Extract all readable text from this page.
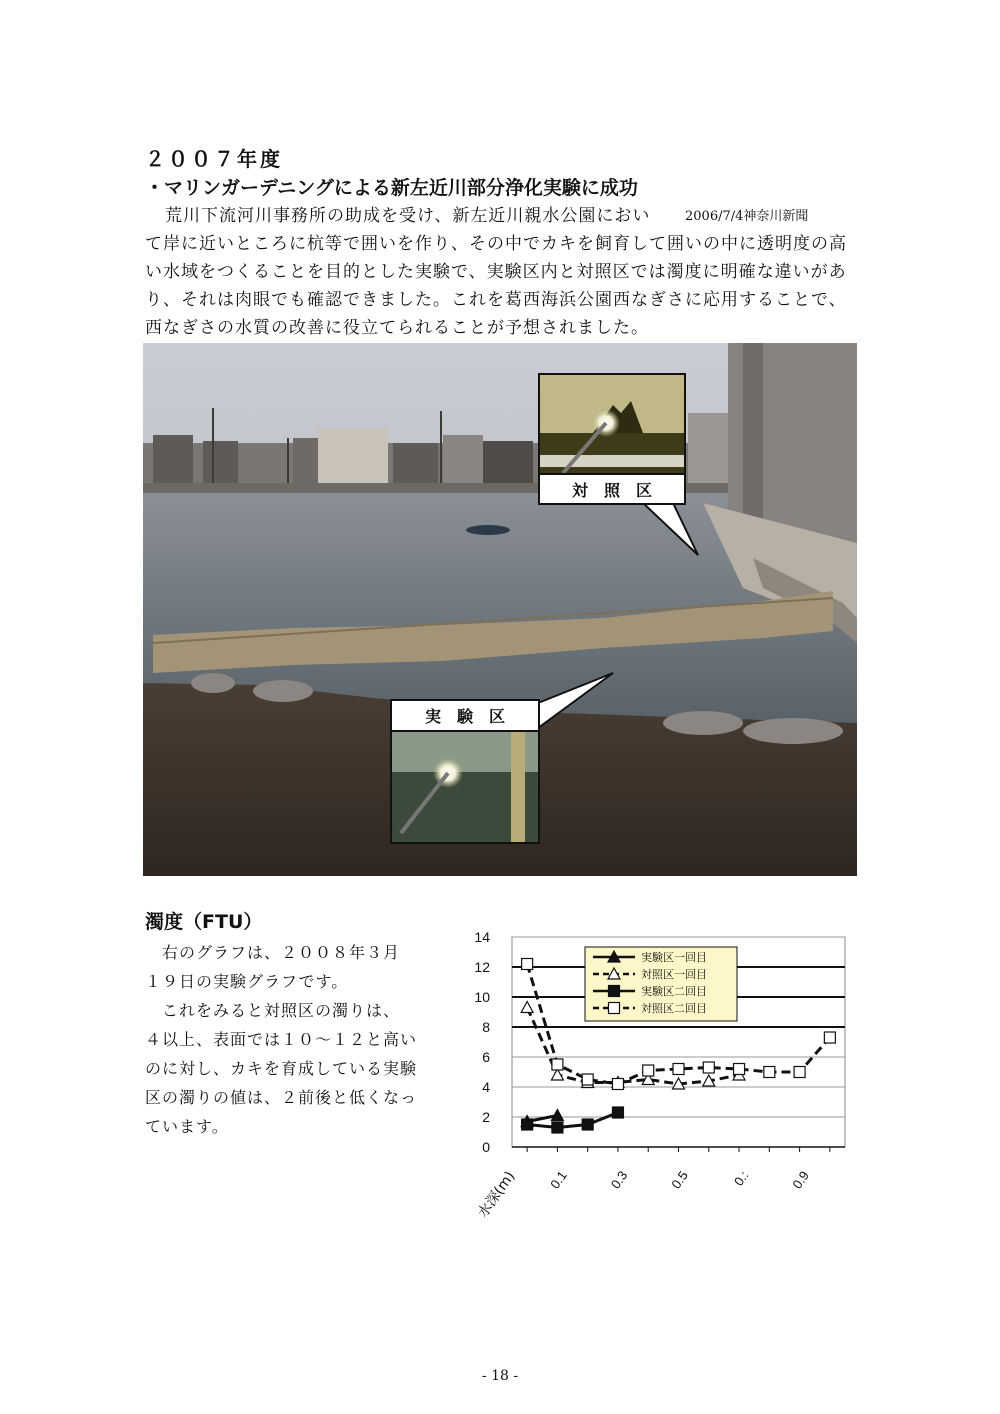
２００７年度
・マリンガーデニングによる新左近川部分浄化実験に成功
荒川下流河川事務所の助成を受け、新左近川親水公園におい	2006/7/4神奈川新聞
て岸に近いところに杭等で囲いを作り、その中でカキを飼育して囲いの中に透明度の高
い水域をつくることを目的とした実験で、実験区内と対照区では濁度に明確な違いがあ
り、それは肉眼でも確認できました。これを葛西海浜公園西なぎさに応用することで、
西なぎさの水質の改善に役立てられることが予想されました。
対　照　区
実　験　区
濁度（FTU）
　右のグラフは、２００８年３月
１９日の実験グラフです。
　これをみると対照区の濁りは、
４以上、表面では１０～１２と高い
のに対し、カキを育成している実験
区の濁りの値は、２前後と低くなっ
ています。
0
2
4
6
8
10
12
14
0.1	0.3	0.5	0.:	0.9
水深(m)
実験区一回目
対照区一回目
実験区二回目
対照区二回目
- 18 -
